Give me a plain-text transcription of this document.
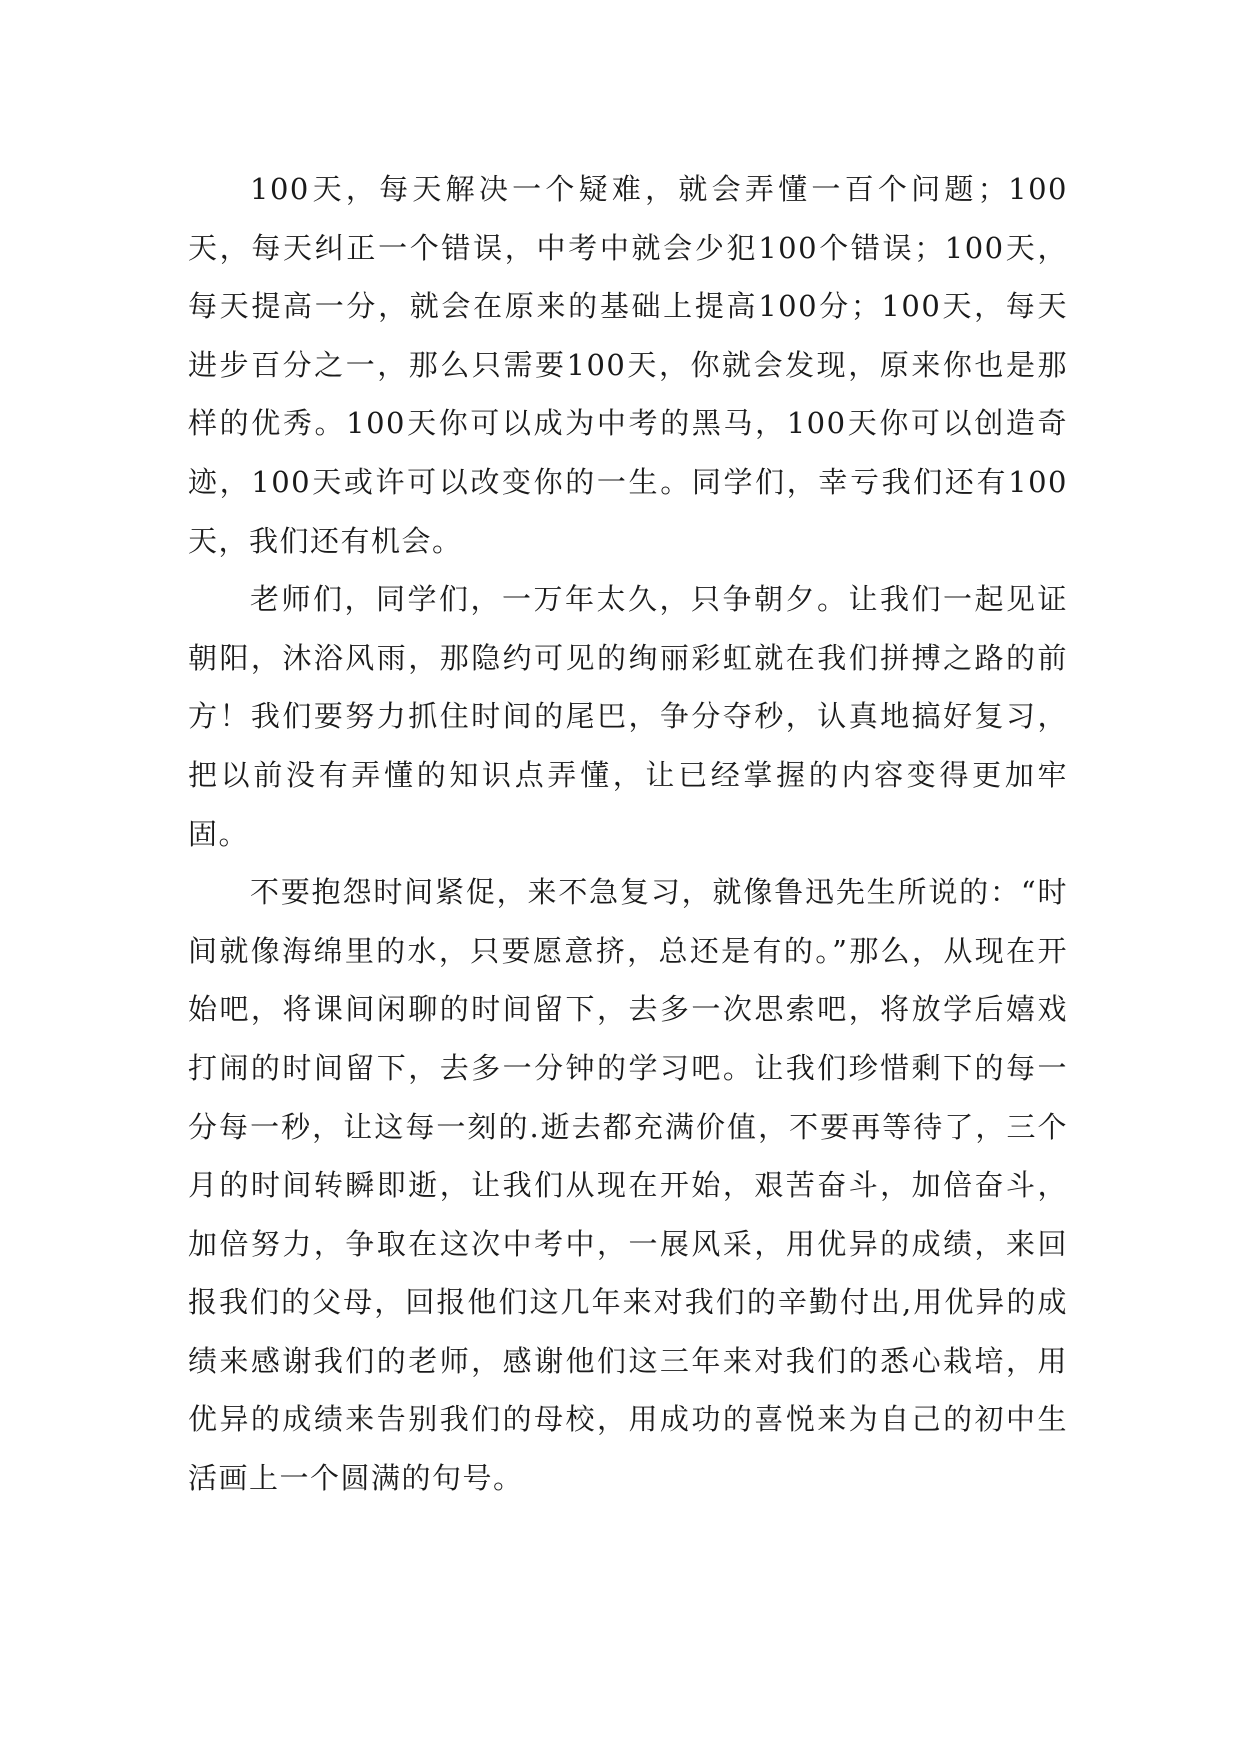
100天，每天解决一个疑难，就会弄懂一百个问题；100天，每天纠正一个错误，中考中就会少犯100个错误；100天，每天提高一分，就会在原来的基础上提高100分；100天，每天进步百分之一，那么只需要100天，你就会发现，原来你也是那样的优秀。100天你可以成为中考的黑马，100天你可以创造奇迹，100天或许可以改变你的一生。同学们，幸亏我们还有100天，我们还有机会。

老师们，同学们，一万年太久，只争朝夕。让我们一起见证朝阳，沐浴风雨，那隐约可见的绚丽彩虹就在我们拼搏之路的前方！我们要努力抓住时间的尾巴，争分夺秒，认真地搞好复习，把以前没有弄懂的知识点弄懂，让已经掌握的内容变得更加牢固。

不要抱怨时间紧促，来不急复习，就像鲁迅先生所说的：“时间就像海绵里的水，只要愿意挤，总还是有的。”那么，从现在开始吧，将课间闲聊的时间留下，去多一次思索吧，将放学后嬉戏打闹的时间留下，去多一分钟的学习吧。让我们珍惜剩下的每一分每一秒，让这每一刻的.逝去都充满价值，不要再等待了，三个月的时间转瞬即逝，让我们从现在开始，艰苦奋斗，加倍奋斗，加倍努力，争取在这次中考中，一展风采，用优异的成绩，来回报我们的父母，回报他们这几年来对我们的辛勤付出,用优异的成绩来感谢我们的老师，感谢他们这三年来对我们的悉心栽培，用优异的成绩来告别我们的母校，用成功的喜悦来为自己的初中生活画上一个圆满的句号。
